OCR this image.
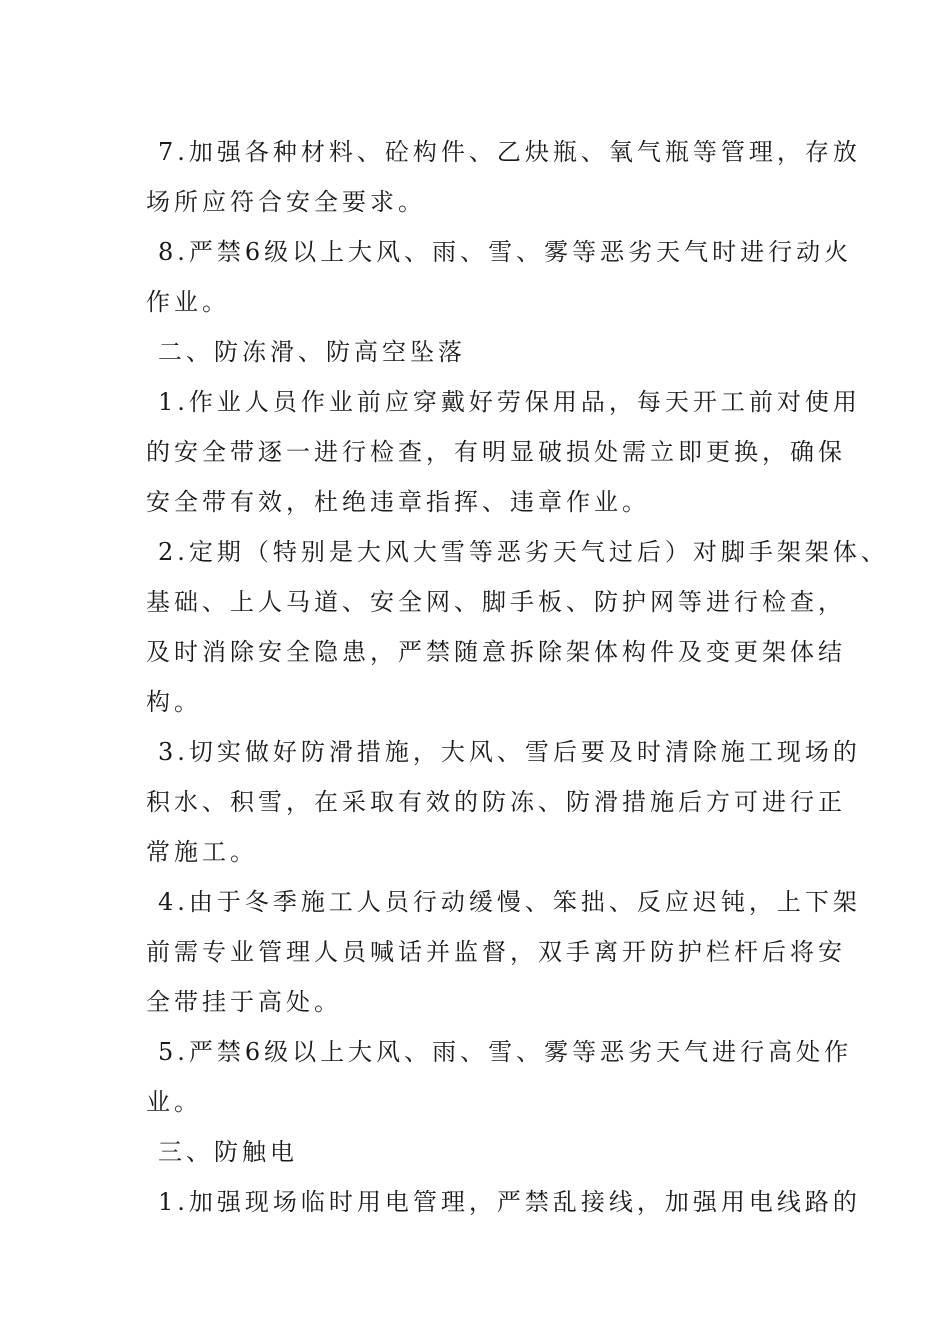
7.加强各种材料、砼构件、乙炔瓶、氧气瓶等管理，存放
场所应符合安全要求。
8.严禁6级以上大风、雨、雪、雾等恶劣天气时进行动火
作业。
二、防冻滑、防高空坠落
1.作业人员作业前应穿戴好劳保用品，每天开工前对使用
的安全带逐一进行检查，有明显破损处需立即更换，确保
安全带有效，杜绝违章指挥、违章作业。
2.定期（特别是大风大雪等恶劣天气过后）对脚手架架体、
基础、上人马道、安全网、脚手板、防护网等进行检查，
及时消除安全隐患，严禁随意拆除架体构件及变更架体结
构。
3.切实做好防滑措施，大风、雪后要及时清除施工现场的
积水、积雪，在采取有效的防冻、防滑措施后方可进行正
常施工。
4.由于冬季施工人员行动缓慢、笨拙、反应迟钝，上下架
前需专业管理人员喊话并监督，双手离开防护栏杆后将安
全带挂于高处。
5.严禁6级以上大风、雨、雪、雾等恶劣天气进行高处作
业。
三、防触电
1.加强现场临时用电管理，严禁乱接线，加强用电线路的
